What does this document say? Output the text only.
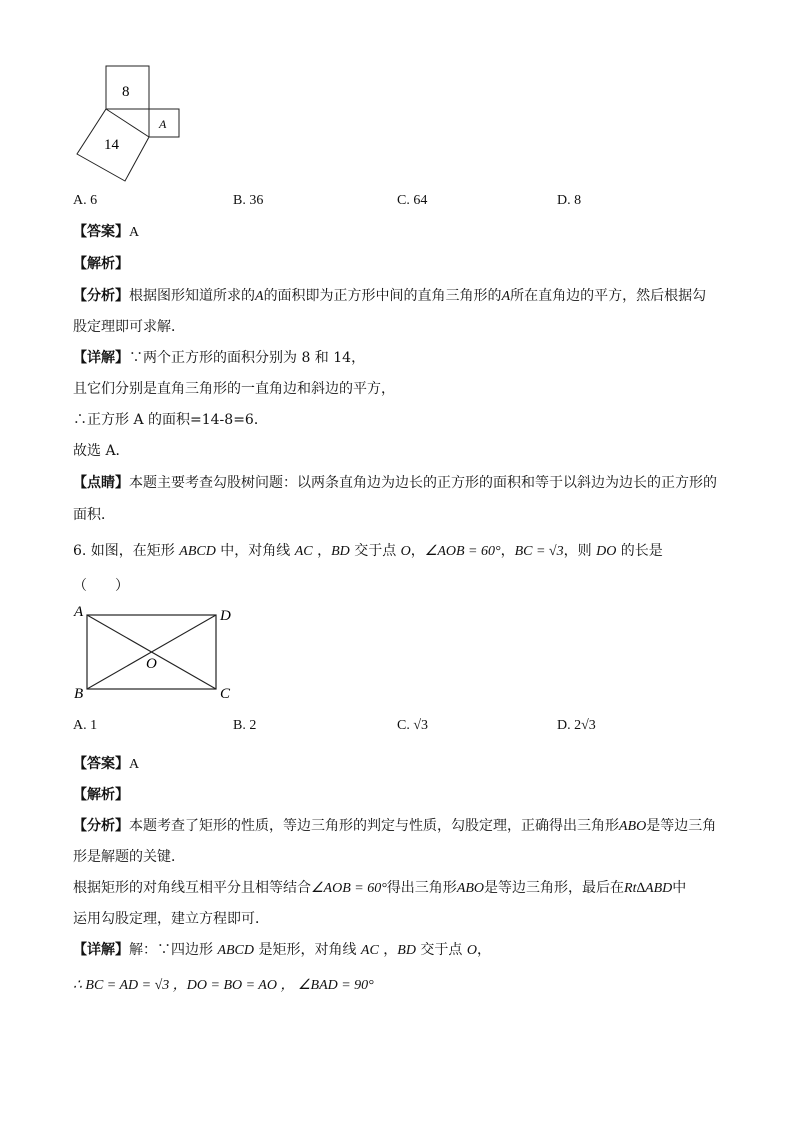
8
14
A
A. 6	B. 36	C. 64	D. 8
【答案】A
【解析】
【分析】根据图形知道所求的A的面积即为正方形中间的直角三角形的A所在直角边的平方，然后根据勾
股定理即可求解．
【详解】∵两个正方形的面积分别为 8 和 14，
且它们分别是直角三角形的一直角边和斜边的平方，
∴正方形 A 的面积=14-8=6．
故选 A．
【点睛】本题主要考查勾股树问题：以两条直角边为边长的正方形的面积和等于以斜边为边长的正方形的
面积．
6. 如图，在矩形 ABCD 中，对角线 AC ，BD 交于点 O，∠AOB = 60°，BC = √3，则 DO 的长是
（　　）
A	D
B	C
O
A. 1	B. 2	C. √3	D. 2√3
【答案】A
【解析】
【分析】本题考查了矩形的性质，等边三角形的判定与性质，勾股定理，正确得出三角形ABO是等边三角
形是解题的关键．
根据矩形的对角线互相平分且相等结合∠AOB = 60°得出三角形ABO是等边三角形，最后在Rt∆ABD中
运用勾股定理，建立方程即可．
【详解】解：∵四边形 ABCD 是矩形，对角线 AC ，BD 交于点 O，
∴ BC = AD = √3 ，DO = BO = AO ， ∠BAD = 90°
